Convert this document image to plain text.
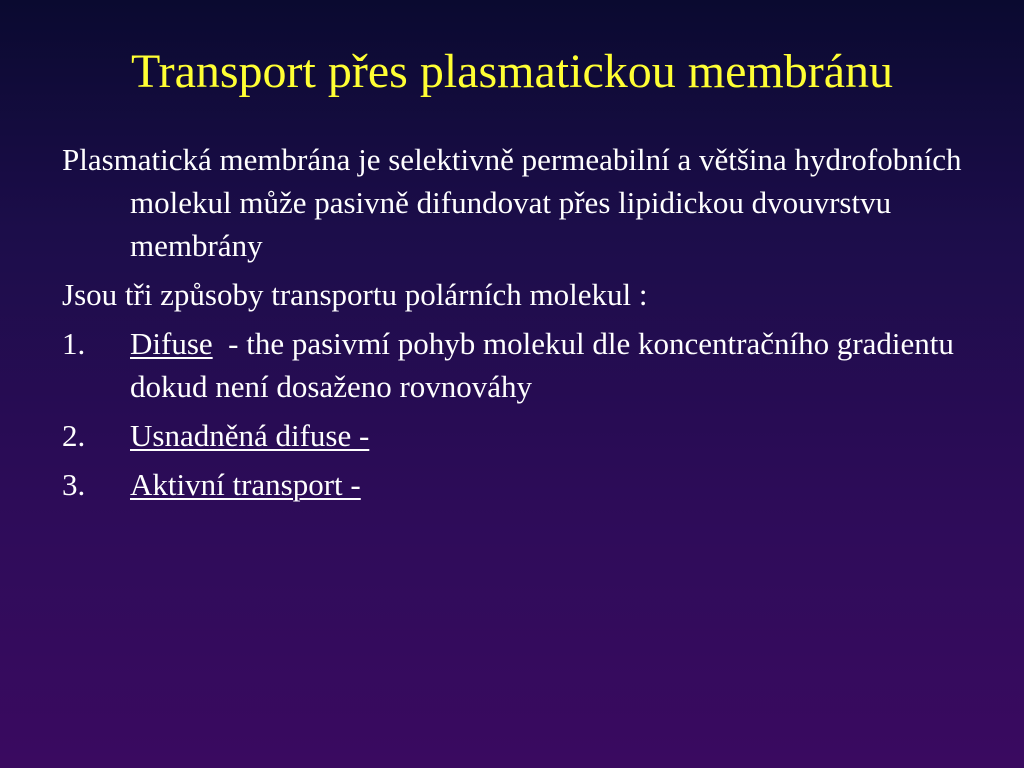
Transport přes plasmatickou membránu

Plasmatická membrána je selektivně permeabilní a většina hydrofobních molekul může pasivně difundovat přes lipidickou dvouvrstvu membrány

Jsou tři způsoby transportu polárních molekul :

1.	Difuse  - the pasivmí pohyb molekul dle koncentračního gradientu dokud není dosaženo rovnováhy
2.	Usnadněná difuse -
3.	Aktivní transport -
